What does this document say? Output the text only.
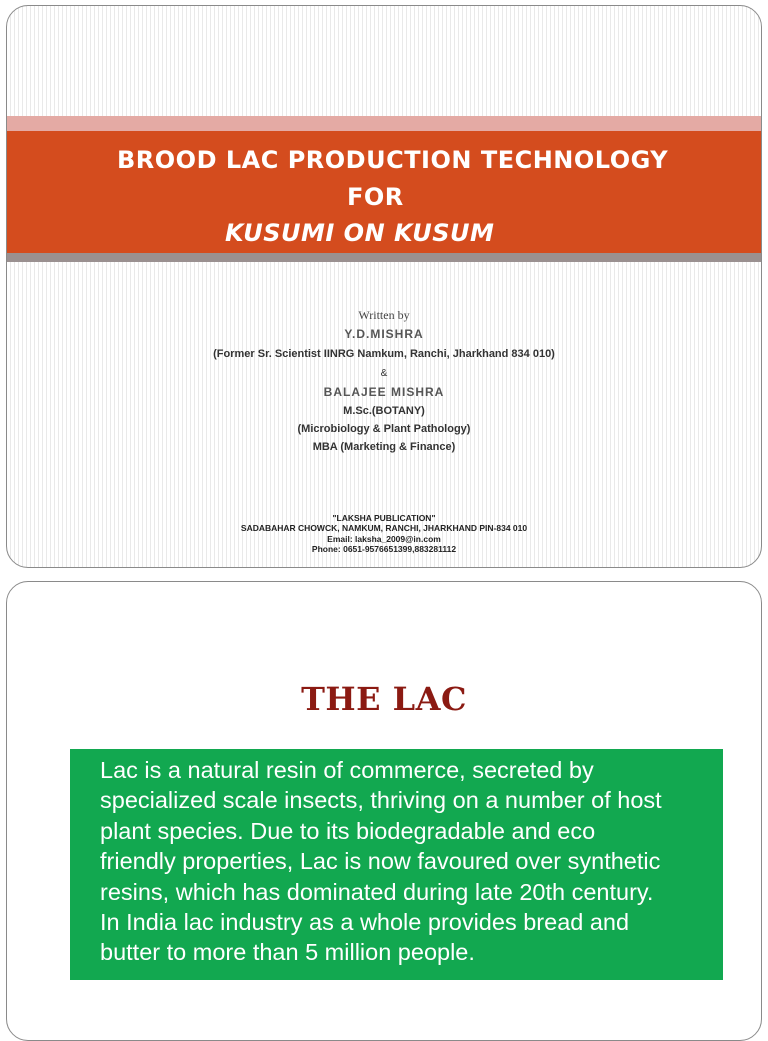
BROOD LAC PRODUCTION TECHNOLOGY
FOR
KUSUMI ON KUSUM
Written by
Y.D.MISHRA
(Former Sr. Scientist IINRG Namkum, Ranchi, Jharkhand 834 010)
&
BALAJEE MISHRA
M.Sc.(BOTANY)
(Microbiology & Plant Pathology)
MBA (Marketing & Finance)
"LAKSHA PUBLICATION"
SADABAHAR CHOWCK, NAMKUM, RANCHI, JHARKHAND PIN-834 010
Email: laksha_2009@in.com
Phone: 0651-9576651399,883281112
THE LAC

Lac is a natural resin of commerce, secreted by
specialized scale insects, thriving on a number of host
plant species. Due to its biodegradable and eco
friendly properties, Lac is now favoured over synthetic
resins, which has dominated during late 20th century.
In India lac industry as a whole provides bread and
butter to more than 5 million people.
